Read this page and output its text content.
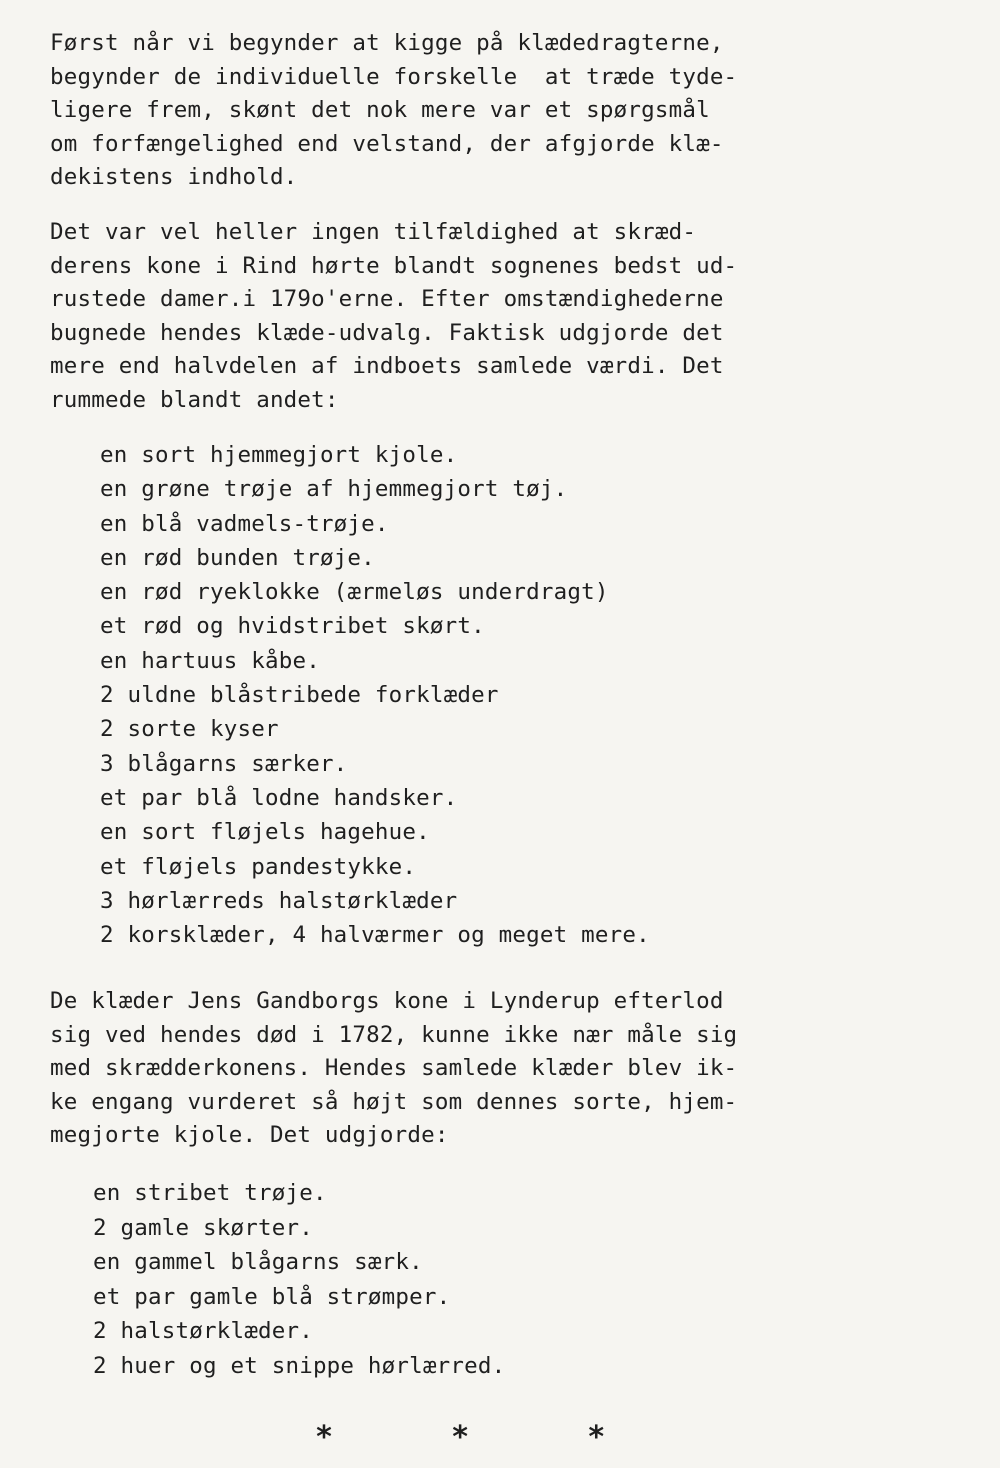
Først når vi begynder at kigge på klædedragterne,

begynder de individuelle forskelle  at træde tyde-

ligere frem, skønt det nok mere var et spørgsmål

om forfængelighed end velstand, der afgjorde klæ-

dekistens indhold.

Det var vel heller ingen tilfældighed at skræd-

derens kone i Rind hørte blandt sognenes bedst ud-

rustede damer.i 179o'erne. Efter omstændighederne

bugnede hendes klæde-udvalg. Faktisk udgjorde det

mere end halvdelen af indboets samlede værdi. Det

rummede blandt andet:

en sort hjemmegjort kjole.

en grøne trøje af hjemmegjort tøj.

en blå vadmels-trøje.

en rød bunden trøje.

en rød ryeklokke (ærmeløs underdragt)

et rød og hvidstribet skørt.

en hartuus kåbe.

2 uldne blåstribede forklæder

2 sorte kyser

3 blågarns særker.

et par blå lodne handsker.

en sort fløjels hagehue.

et fløjels pandestykke.

3 hørlærreds halstørklæder

2 korsklæder, 4 halværmer og meget mere.

De klæder Jens Gandborgs kone i Lynderup efterlod

sig ved hendes død i 1782, kunne ikke nær måle sig

med skrædderkonens. Hendes samlede klæder blev ik-

ke engang vurderet så højt som dennes sorte, hjem-

megjorte kjole. Det udgjorde:

en stribet trøje.

2 gamle skørter.

en gammel blågarns særk.

et par gamle blå strømper.

2 halstørklæder.

2 huer og et snippe hørlærred.

* * *
